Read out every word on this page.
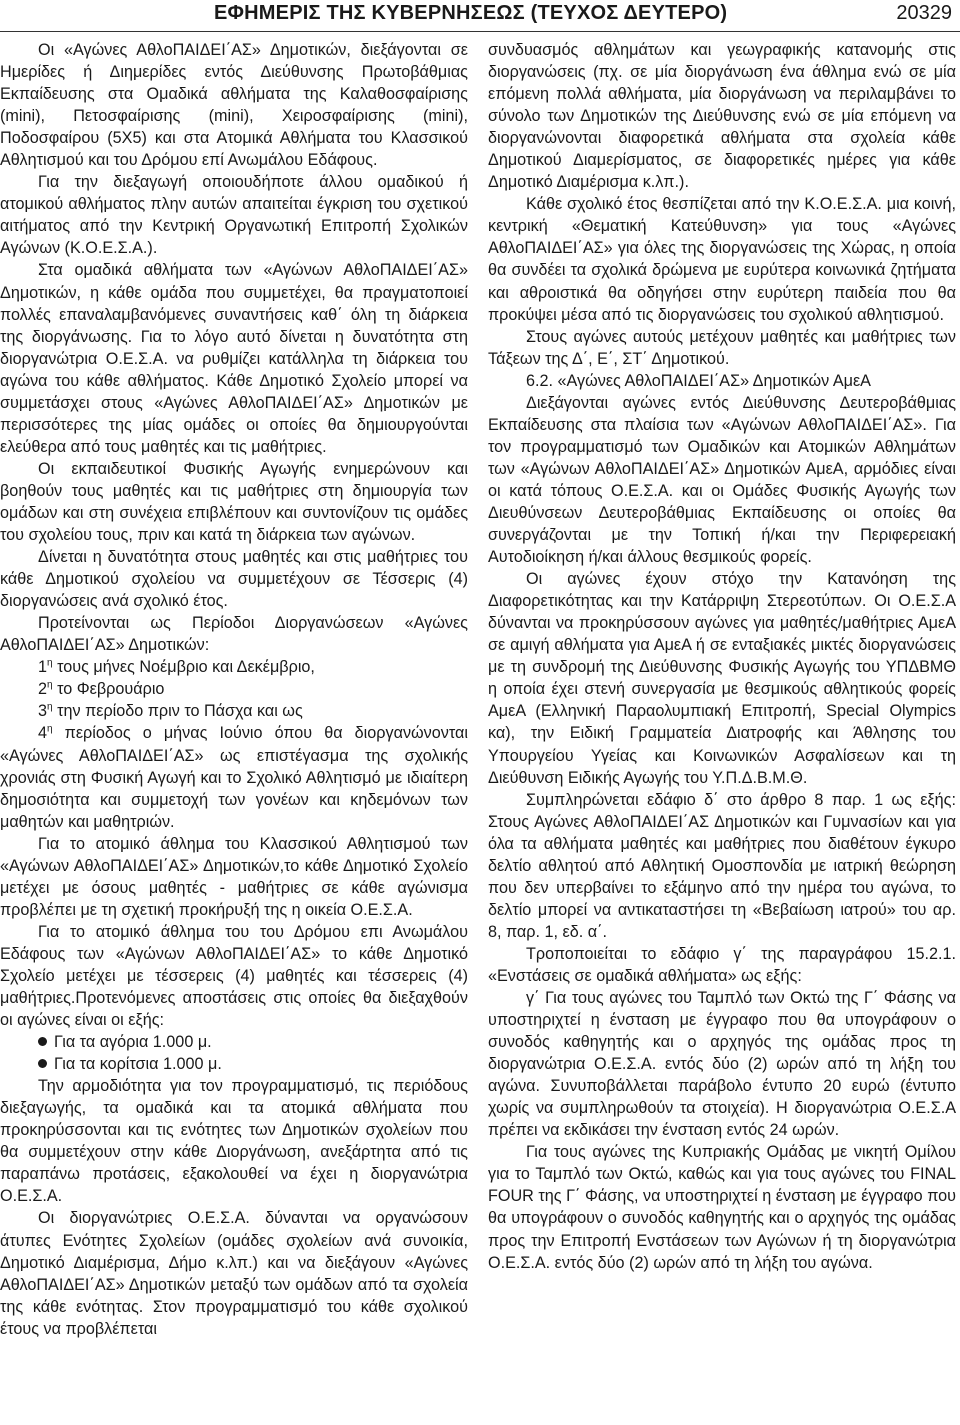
ΕΦΗΜΕΡΙΣ ΤΗΣ ΚΥΒΕΡΝΗΣΕΩΣ (ΤΕΥΧΟΣ ΔΕΥΤΕΡΟ)	20329

Οι «Αγώνες ΑθλοΠΑΙΔΕΙ΄ΑΣ» Δημοτικών, διεξάγονται σε Ημερίδες ή Διημερίδες εντός Διεύθυνσης Πρωτοβάθμιας Εκπαίδευσης στα Ομαδικά αθλήματα της Καλαθοσφαίρισης (mini), Πετοσφαίρισης (mini), Χειροσφαίρισης (mini), Ποδοσφαίρου (5Χ5) και στα Ατομικά Αθλήματα του Κλασσικού Αθλητισμού και του Δρόμου επί Ανωμάλου Εδάφους.

Για την διεξαγωγή οποιουδήποτε άλλου ομαδικού ή ατομικού αθλήματος πλην αυτών απαιτείται έγκριση του σχετικού αιτήματος από την Κεντρική Οργανωτική Επιτροπή Σχολικών Αγώνων (Κ.Ο.Ε.Σ.Α.).

Στα ομαδικά αθλήματα των «Αγώνων ΑθλοΠΑΙΔΕΙ΄ΑΣ» Δημοτικών, η κάθε ομάδα που συμμετέχει, θα πραγματοποιεί πολλές επαναλαμβανόμενες συναντήσεις καθ΄ όλη τη διάρκεια της διοργάνωσης. Για το λόγο αυτό δίνεται η δυνατότητα στη διοργανώτρια Ο.Ε.Σ.Α. να ρυθμίζει κατάλληλα τη διάρκεια του αγώνα του κάθε αθλήματος. Κάθε Δημοτικό Σχολείο μπορεί να συμμετάσχει στους «Αγώνες ΑθλοΠΑΙΔΕΙ΄ΑΣ» Δημοτικών με περισσότερες της μίας ομάδες οι οποίες θα δημιουργούνται ελεύθερα από τους μαθητές και τις μαθήτριες.

Οι εκπαιδευτικοί Φυσικής Αγωγής ενημερώνουν και βοηθούν τους μαθητές και τις μαθήτριες στη δημιουργία των ομάδων και στη συνέχεια επιβλέπουν και συντονίζουν τις ομάδες του σχολείου τους, πριν και κατά τη διάρκεια των αγώνων.

Δίνεται η δυνατότητα στους μαθητές και στις μαθήτριες του κάθε Δημοτικού σχολείου να συμμετέχουν σε Τέσσερις (4) διοργανώσεις ανά σχολικό έτος.

Προτείνονται ως Περίοδοι Διοργανώσεων «Αγώνες ΑθλοΠΑΙΔΕΙ΄ΑΣ» Δημοτικών:

$1^\eta$ τους μήνες Νοέμβριο και Δεκέμβριο,

$2^\eta$ το Φεβρουάριο

$3^\eta$ την περίοδο πριν το Πάσχα και ως

$4^\eta$ περίοδος ο μήνας Ιούνιο όπου θα διοργανώνονται «Αγώνες ΑθλοΠΑΙΔΕΙ΄ΑΣ» ως επιστέγασμα της σχολικής χρονιάς στη Φυσική Αγωγή και το Σχολικό Αθλητισμό με ιδιαίτερη δημοσιότητα και συμμετοχή των γονέων και κηδεμόνων των μαθητών και μαθητριών.

Για το ατομικό άθλημα του Κλασσικού Αθλητισμού των «Αγώνων ΑθλοΠΑΙΔΕΙ΄ΑΣ» Δημοτικών,το κάθε Δημοτικό Σχολείο μετέχει με όσους μαθητές - μαθήτριες σε κάθε αγώνισμα προβλέπει με τη σχετική προκήρυξή της η οικεία Ο.Ε.Σ.Α.

Για το ατομικό άθλημα του του Δρόμου επι Ανωμάλου Εδάφους των «Αγώνων ΑθλοΠΑΙΔΕΙ΄ΑΣ» το κάθε Δημοτικό Σχολείο μετέχει με τέσσερεις (4) μαθητές και τέσσερεις (4) μαθήτριες.Προτενόμενες αποστάσεις στις οποίες θα διεξαχθούν οι αγώνες είναι οι εξής:

Για τα αγόρια 1.000 μ.

Για τα κορίτσια 1.000 μ.

Την αρμοδιότητα για τον προγραμματισμό, τις περιόδους διεξαγωγής, τα ομαδικά και τα ατομικά αθλήματα που προκηρύσσονται και τις ενότητες των Δημοτικών σχολείων που θα συμμετέχουν στην κάθε Διοργάνωση, ανεξάρτητα από τις παραπάνω προτάσεις, εξακολουθεί να έχει η διοργανώτρια Ο.Ε.Σ.Α.

Οι διοργανώτριες Ο.Ε.Σ.Α. δύνανται να οργανώσουν άτυπες Ενότητες Σχολείων (ομάδες σχολείων ανά συνοικία, Δημοτικό Διαμέρισμα, Δήμο κ.λπ.) και να διεξάγουν «Αγώνες ΑθλοΠΑΙΔΕΙ΄ΑΣ» Δημοτικών μεταξύ των ομάδων από τα σχολεία της κάθε ενότητας. Στον προγραμματισμό του κάθε σχολικού έτους να προβλέπεται

συνδυασμός αθλημάτων και γεωγραφικής κατανομής στις διοργανώσεις (πχ. σε μία διοργάνωση ένα άθλημα ενώ σε μία επόμενη πολλά αθλήματα, μία διοργάνωση να περιλαμβάνει το σύνολο των Δημοτικών της Διεύθυνσης ενώ σε μία επόμενη να διοργανώνονται διαφορετικά αθλήματα στα σχολεία κάθε Δημοτικού Διαμερίσματος, σε διαφορετικές ημέρες για κάθε Δημοτικό Διαμέρισμα κ.λπ.).

Κάθε σχολικό έτος θεσπίζεται από την Κ.Ο.Ε.Σ.Α. μια κοινή, κεντρική «Θεματική Κατεύθυνση» για τους «Αγώνες ΑθλοΠΑΙΔΕΙ΄ΑΣ» για όλες της διοργανώσεις της Χώρας, η οποία θα συνδέει τα σχολικά δρώμενα με ευρύτερα κοινωνικά ζητήματα και αθροιστικά θα οδηγήσει στην ευρύτερη παιδεία που θα προκύψει μέσα από τις διοργανώσεις του σχολικού αθλητισμού.

Στους αγώνες αυτούς μετέχουν μαθητές και μαθήτριες των Τάξεων της Δ΄, Ε΄, ΣΤ΄ Δημοτικού.

6.2. «Αγώνες ΑθλοΠΑΙΔΕΙ΄ΑΣ» Δημοτικών ΑμεΑ

Διεξάγονται αγώνες εντός Διεύθυνσης Δευτεροβάθμιας Εκπαίδευσης στα πλαίσια των «Αγώνων ΑθλοΠΑΙΔΕΙ΄ΑΣ». Για τον προγραμματισμό των Ομαδικών και Ατομικών Αθλημάτων των «Αγώνων ΑθλοΠΑΙΔΕΙ΄ΑΣ» Δημοτικών ΑμεΑ, αρμόδιες είναι οι κατά τόπους Ο.Ε.Σ.Α. και οι Ομάδες Φυσικής Αγωγής των Διευθύνσεων Δευτεροβάθμιας Εκπαίδευσης οι οποίες θα συνεργάζονται με την Τοπική ή/και την Περιφερειακή Αυτοδιοίκηση ή/και άλλους θεσμικούς φορείς.

Οι αγώνες έχουν στόχο την Κατανόηση της Διαφορετικότητας και την Κατάρριψη Στερεοτύπων. Οι Ο.Ε.Σ.Α δύνανται να προκηρύσσουν αγώνες για μαθητές/μαθήτριες ΑμεΑ σε αμιγή αθλήματα για ΑμεΑ ή σε ενταξιακές μικτές διοργανώσεις με τη συνδρομή της Διεύθυνσης Φυσικής Αγωγής του ΥΠΔΒΜΘ η οποία έχει στενή συνεργασία με θεσμικούς αθλητικούς φορείς ΑμεΑ (Ελληνική Παραολυμπιακή Επιτροπή, Special Olympics κα), την Ειδική Γραμματεία Διατροφής και Άθλησης του Υπουργείου Υγείας και Κοινωνικών Ασφαλίσεων και τη Διεύθυνση Ειδικής Αγωγής του Υ.Π.Δ.Β.Μ.Θ.

Συμπληρώνεται εδάφιο δ΄ στο άρθρο 8 παρ. 1 ως εξής: Στους Αγώνες ΑθλοΠΑΙΔΕΙ΄ΑΣ Δημοτικών και Γυμνασίων και για όλα τα αθλήματα μαθητές και μαθήτριες που διαθέτουν έγκυρο δελτίο αθλητού από Αθλητική Ομοσπονδία με ιατρική θεώρηση που δεν υπερβαίνει το εξάμηνο από την ημέρα του αγώνα, το δελτίο μπορεί να αντικαταστήσει τη «Βεβαίωση ιατρού» του αρ. 8, παρ. 1, εδ. α΄.

Τροποποιείται το εδάφιο γ΄ της παραγράφου 15.2.1. «Ενστάσεις σε ομαδικά αθλήματα» ως εξής:

γ΄ Για τους αγώνες του Ταμπλό των Οκτώ της Γ΄ Φάσης να υποστηριχτεί η ένσταση με έγγραφο που θα υπογράφουν ο συνοδός καθηγητής και ο αρχηγός της ομάδας προς τη διοργανώτρια Ο.Ε.Σ.Α. εντός δύο (2) ωρών από τη λήξη του αγώνα. Συνυποβάλλεται παράβολο έντυπο 20 ευρώ (έντυπο χωρίς να συμπληρωθούν τα στοιχεία). Η διοργανώτρια Ο.Ε.Σ.Α πρέπει να εκδικάσει την ένσταση εντός 24 ωρών.

Για τους αγώνες της Κυπριακής Ομάδας με νικητή Ομίλου για το Ταμπλό των Οκτώ, καθώς και για τους αγώνες του FINAL FOUR της Γ΄ Φάσης, να υποστηριχτεί η ένσταση με έγγραφο που θα υπογράφουν ο συνοδός καθηγητής και ο αρχηγός της ομάδας προς την Επιτροπή Ενστάσεων των Αγώνων ή τη διοργανώτρια Ο.Ε.Σ.Α. εντός δύο (2) ωρών από τη λήξη του αγώνα.
